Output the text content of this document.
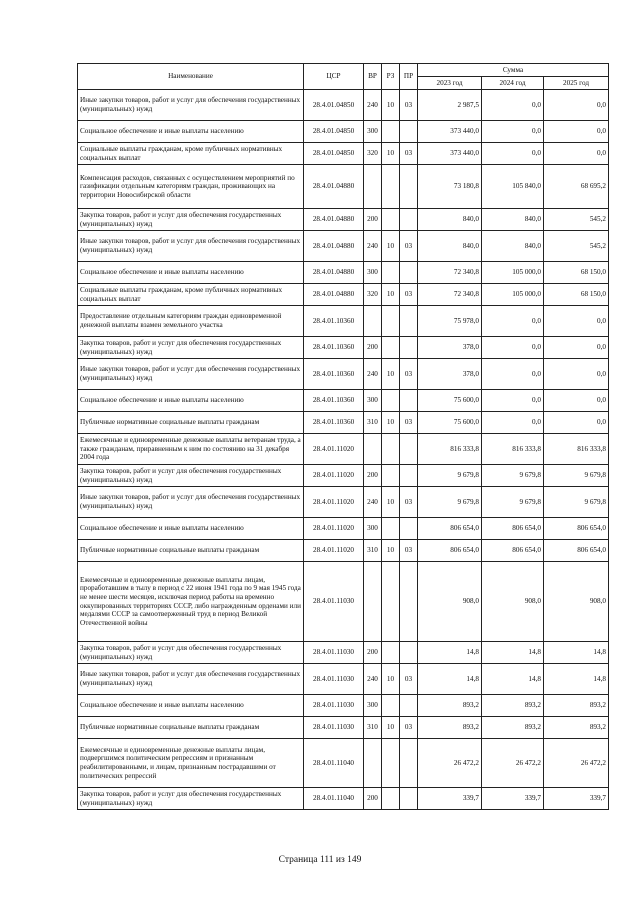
Наименование	ЦСР	ВР	РЗ	ПР	Сумма		
					2023 год	2024 год	2025 год
Иные закупки товаров, работ и услуг для обеспечения государственных (муниципальных) нужд	28.4.01.04850	240	10	03	2 987,5	0,0	0,0
Социальное обеспечение и иные выплаты населению	28.4.01.04850	300			373 440,0	0,0	0,0
Социальные выплаты гражданам, кроме публичных нормативных социальных выплат	28.4.01.04850	320	10	03	373 440,0	0,0	0,0
Компенсация расходов, связанных с осуществлением мероприятий по газификации отдельным категориям граждан, проживающих на территории Новосибирской области	28.4.01.04880				73 180,8	105 840,0	68 695,2
Закупка товаров, работ и услуг для обеспечения государственных (муниципальных) нужд	28.4.01.04880	200			840,0	840,0	545,2
Иные закупки товаров, работ и услуг для обеспечения государственных (муниципальных) нужд	28.4.01.04880	240	10	03	840,0	840,0	545,2
Социальное обеспечение и иные выплаты населению	28.4.01.04880	300			72 340,8	105 000,0	68 150,0
Социальные выплаты гражданам, кроме публичных нормативных социальных выплат	28.4.01.04880	320	10	03	72 340,8	105 000,0	68 150,0
Предоставление отдельным категориям граждан единовременной денежной выплаты взамен земельного участка	28.4.01.10360				75 978,0	0,0	0,0
Закупка товаров, работ и услуг для обеспечения государственных (муниципальных) нужд	28.4.01.10360	200			378,0	0,0	0,0
Иные закупки товаров, работ и услуг для обеспечения государственных (муниципальных) нужд	28.4.01.10360	240	10	03	378,0	0,0	0,0
Социальное обеспечение и иные выплаты населению	28.4.01.10360	300			75 600,0	0,0	0,0
Публичные нормативные социальные выплаты гражданам	28.4.01.10360	310	10	03	75 600,0	0,0	0,0
Ежемесячные и единовременные денежные выплаты ветеранам труда, а также гражданам, приравненным к ним по состоянию на 31 декабря 2004 года	28.4.01.11020				816 333,8	816 333,8	816 333,8
Закупка товаров, работ и услуг для обеспечения государственных (муниципальных) нужд	28.4.01.11020	200			9 679,8	9 679,8	9 679,8
Иные закупки товаров, работ и услуг для обеспечения государственных (муниципальных) нужд	28.4.01.11020	240	10	03	9 679,8	9 679,8	9 679,8
Социальное обеспечение и иные выплаты населению	28.4.01.11020	300			806 654,0	806 654,0	806 654,0
Публичные нормативные социальные выплаты гражданам	28.4.01.11020	310	10	03	806 654,0	806 654,0	806 654,0
Ежемесячные и единовременные денежные выплаты лицам, проработавшим в тылу в период с 22 июня 1941 года по 9 мая 1945 года не менее шести месяцев, исключая период работы на временно оккупированных территориях СССР, либо награжденным орденами или медалями СССР за самоотверженный труд в период Великой Отечественной войны	28.4.01.11030				908,0	908,0	908,0
Закупка товаров, работ и услуг для обеспечения государственных (муниципальных) нужд	28.4.01.11030	200			14,8	14,8	14,8
Иные закупки товаров, работ и услуг для обеспечения государственных (муниципальных) нужд	28.4.01.11030	240	10	03	14,8	14,8	14,8
Социальное обеспечение и иные выплаты населению	28.4.01.11030	300			893,2	893,2	893,2
Публичные нормативные социальные выплаты гражданам	28.4.01.11030	310	10	03	893,2	893,2	893,2
Ежемесячные и единовременные денежные выплаты лицам, подвергшимся политическим репрессиям и признанным реабилитированными, и лицам, признанным пострадавшими от политических репрессий	28.4.01.11040				26 472,2	26 472,2	26 472,2
Закупка товаров, работ и услуг для обеспечения государственных (муниципальных) нужд	28.4.01.11040	200			339,7	339,7	339,7
Страница 111 из 149
